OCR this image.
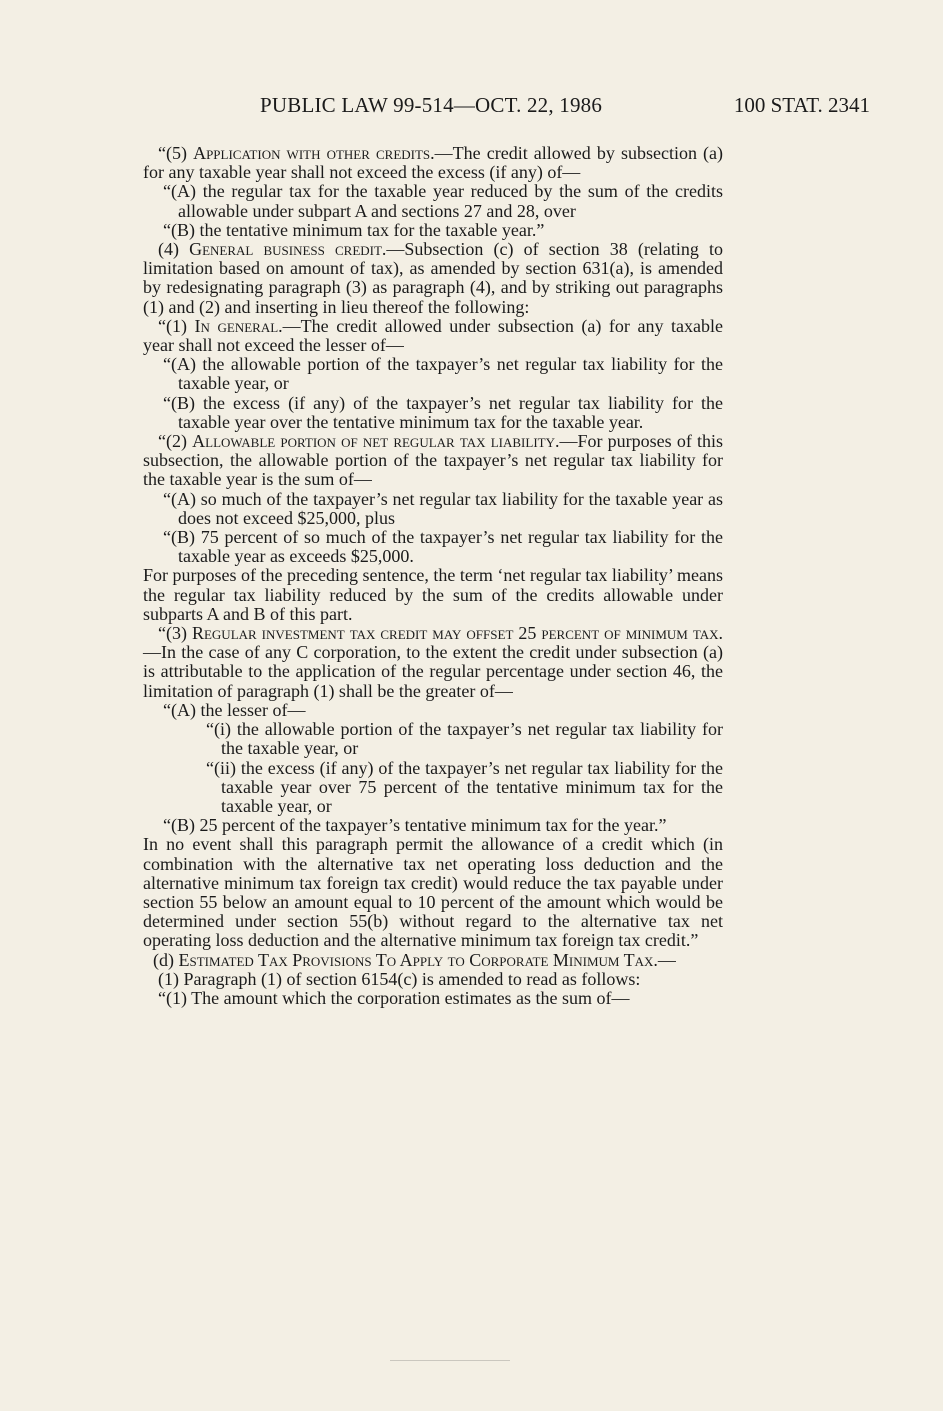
PUBLIC LAW 99-514—OCT. 22, 1986	100 STAT. 2341

“(5) Application with other credits.—The credit allowed by subsection (a) for any taxable year shall not exceed the excess (if any) of—

“(A) the regular tax for the taxable year reduced by the sum of the credits allowable under subpart A and sections 27 and 28, over

“(B) the tentative minimum tax for the taxable year.”

(4) General business credit.—Subsection (c) of section 38 (relating to limitation based on amount of tax), as amended by section 631(a), is amended by redesignating paragraph (3) as paragraph (4), and by striking out paragraphs (1) and (2) and inserting in lieu thereof the following:

“(1) In general.—The credit allowed under subsection (a) for any taxable year shall not exceed the lesser of—

“(A) the allowable portion of the taxpayer’s net regular tax liability for the taxable year, or

“(B) the excess (if any) of the taxpayer’s net regular tax liability for the taxable year over the tentative minimum tax for the taxable year.

“(2) Allowable portion of net regular tax liability.—For purposes of this subsection, the allowable portion of the taxpayer’s net regular tax liability for the taxable year is the sum of—

“(A) so much of the taxpayer’s net regular tax liability for the taxable year as does not exceed $25,000, plus

“(B) 75 percent of so much of the taxpayer’s net regular tax liability for the taxable year as exceeds $25,000.

For purposes of the preceding sentence, the term ‘net regular tax liability’ means the regular tax liability reduced by the sum of the credits allowable under subparts A and B of this part.

“(3) Regular investment tax credit may offset 25 percent of minimum tax.—In the case of any C corporation, to the extent the credit under subsection (a) is attributable to the application of the regular percentage under section 46, the limitation of paragraph (1) shall be the greater of—

“(A) the lesser of—

“(i) the allowable portion of the taxpayer’s net regular tax liability for the taxable year, or

“(ii) the excess (if any) of the taxpayer’s net regular tax liability for the taxable year over 75 percent of the tentative minimum tax for the taxable year, or

“(B) 25 percent of the taxpayer’s tentative minimum tax for the year.”

In no event shall this paragraph permit the allowance of a credit which (in combination with the alternative tax net operating loss deduction and the alternative minimum tax foreign tax credit) would reduce the tax payable under section 55 below an amount equal to 10 percent of the amount which would be determined under section 55(b) without regard to the alternative tax net operating loss deduction and the alternative minimum tax foreign tax credit.”

(d) Estimated Tax Provisions To Apply to Corporate Minimum Tax.—

(1) Paragraph (1) of section 6154(c) is amended to read as follows:

“(1) The amount which the corporation estimates as the sum of—
